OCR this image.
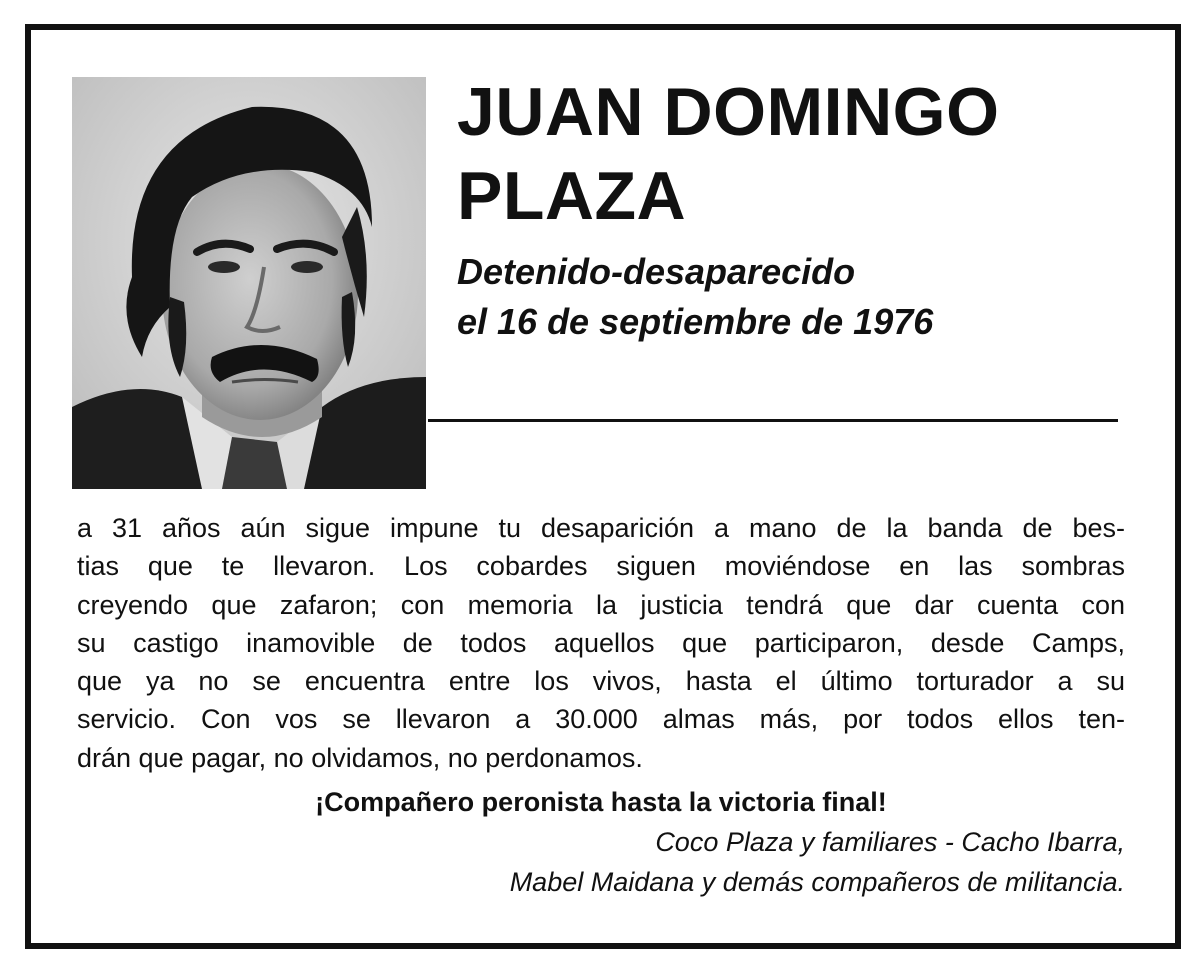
JUAN DOMINGO
PLAZA

Detenido-desaparecido
el 16 de septiembre de 1976

a 31 años aún sigue impune tu desaparición a mano de la banda de bes-
tias que te llevaron. Los cobardes siguen moviéndose en las sombras
creyendo que zafaron; con memoria la justicia tendrá que dar cuenta con
su castigo inamovible de todos aquellos que participaron, desde Camps,
que ya no se encuentra entre los vivos, hasta el último torturador a su
servicio. Con vos se llevaron a 30.000 almas más, por todos ellos ten-
drán que pagar, no olvidamos, no perdonamos.

¡Compañero peronista hasta la victoria final!

Coco Plaza y familiares - Cacho Ibarra,
Mabel Maidana y demás compañeros de militancia.
